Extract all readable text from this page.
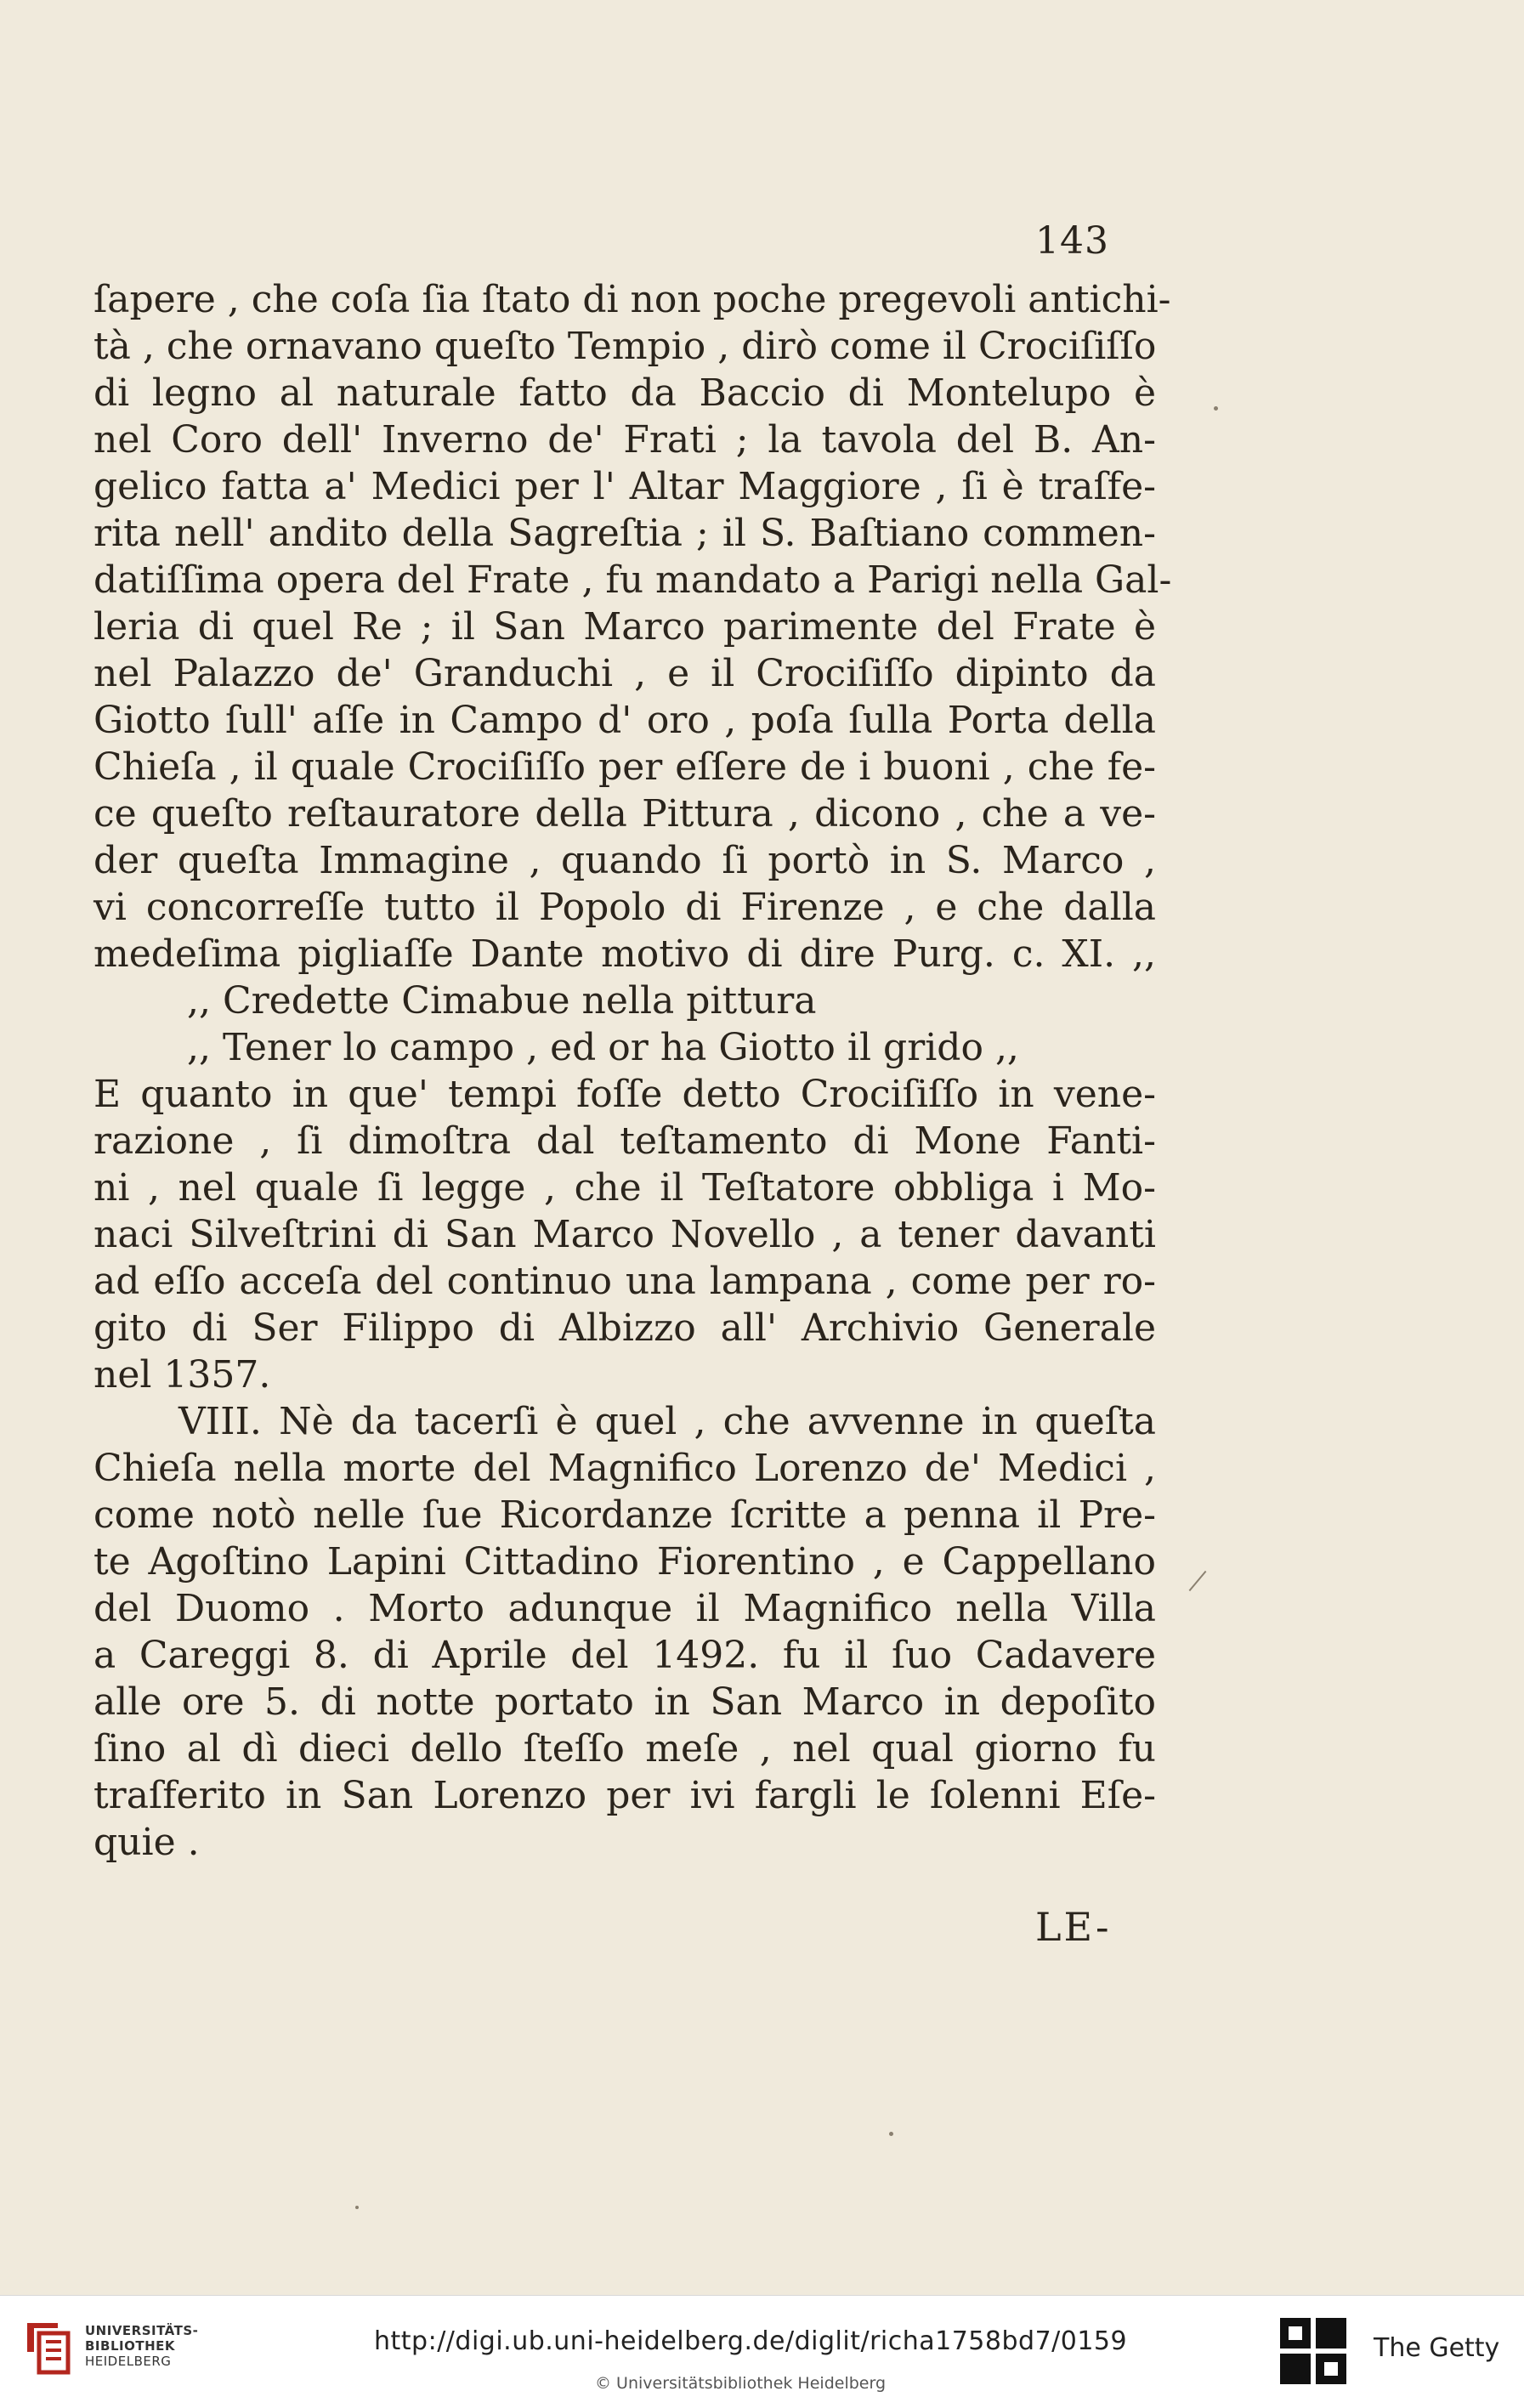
143
ſapere , che coſa ſia ſtato di non poche pregevoli antichi-
tà , che ornavano queſto Tempio , dirò come il Crociſiſſo
di legno al naturale fatto da Baccio di Montelupo è
nel Coro dell' Inverno de' Frati ; la tavola del B. An-
gelico fatta a' Medici per l' Altar Maggiore , ſi è traſfe-
rita nell' andito della Sagreſtia ; il S. Baſtiano commen-
datiſſima opera del Frate , fu mandato a Parigi nella Gal-
leria di quel Re ; il San Marco parimente del Frate è
nel Palazzo de' Granduchi , e il Crociſiſſo dipinto da
Giotto ſull' aſſe in Campo d' oro , poſa ſulla Porta della
Chieſa , il quale Crociſiſſo per eſſere de i buoni , che fe-
ce queſto reſtauratore della Pittura , dicono , che a ve-
der queſta Immagine , quando ſi portò in S. Marco ,
vi concorreſſe tutto il Popolo di Firenze , e che dalla
medeſima pigliaſſe Dante motivo di dire Purg. c. XI. ,,
,, Credette Cimabue nella pittura
,, Tener lo campo , ed or ha Giotto il grido ,,
E quanto in que' tempi foſſe detto Crociſiſſo in vene-
razione , ſi dimoſtra dal teſtamento di Mone Fanti-
ni , nel quale ſi legge , che il Teſtatore obbliga i Mo-
naci Silveſtrini di San Marco Novello , a tener davanti
ad eſſo acceſa del continuo una lampana , come per ro-
gito di Ser Filippo di Albizzo all' Archivio Generale
nel 1357.
VIII. Nè da tacerſi è quel , che avvenne in queſta
Chieſa nella morte del Magnifico Lorenzo de' Medici ,
come notò nelle ſue Ricordanze ſcritte a penna il Pre-
te Agoſtino Lapini Cittadino Fiorentino , e Cappellano
del Duomo . Morto adunque il Magnifico nella Villa
a Careggi 8. di Aprile del 1492. fu il ſuo Cadavere
alle ore 5. di notte portato in San Marco in depoſito
ſino al dì dieci dello ſteſſo meſe , nel qual giorno fu
traſferito in San Lorenzo per ivi fargli le ſolenni Eſe-
quie .
LE-
UNIVERSITÄTS-
BIBLIOTHEK
HEIDELBERG
http://digi.ub.uni-heidelberg.de/diglit/richa1758bd7/0159
© Universitätsbibliothek Heidelberg
The Getty
